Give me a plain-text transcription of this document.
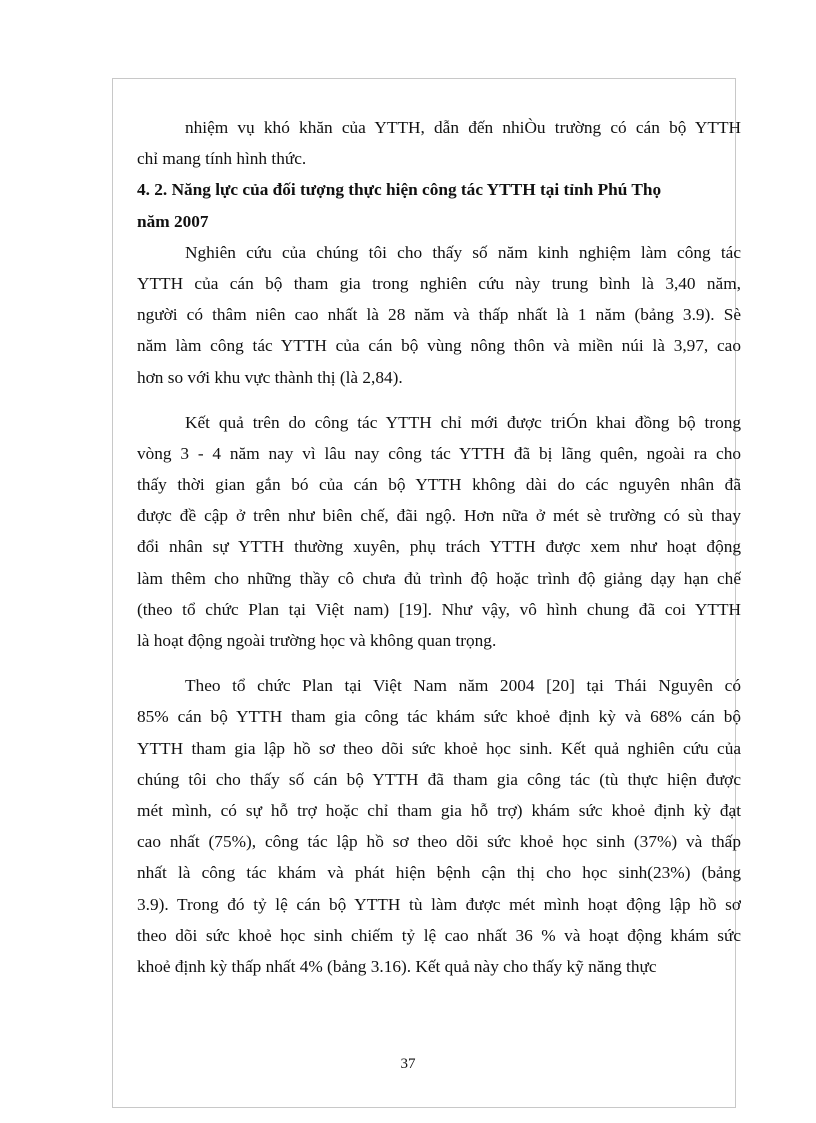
nhiệm vụ khó khăn của YTTH, dẫn đến nhiÒu trường có cán bộ YTTH
chỉ mang tính hình thức.
4. 2. Năng lực của đối tượng thực hiện công tác YTTH tại tỉnh Phú Thọ
năm 2007
Nghiên cứu của chúng tôi cho thấy số năm kinh nghiệm làm công tác
YTTH của cán bộ tham gia trong nghiên cứu này trung bình là 3,40 năm,
người có thâm niên cao nhất là 28 năm và thấp nhất là 1 năm (bảng 3.9). Sè
năm làm công tác YTTH của cán bộ vùng nông thôn và miền núi là 3,97, cao
hơn so với khu vực thành thị (là 2,84).
Kết quả trên do công tác YTTH chỉ mới được triÓn khai đồng bộ trong
vòng 3 - 4 năm nay vì lâu nay công tác YTTH đã bị lãng quên, ngoài ra cho
thấy thời gian gắn bó của cán bộ YTTH không dài do các nguyên nhân đã
được đề cập ở trên như biên chế, đãi ngộ. Hơn nữa ở mét sè trường có sù thay
đổi nhân sự YTTH thường xuyên, phụ trách YTTH được xem như hoạt động
làm thêm cho những thầy cô chưa đủ trình độ hoặc trình độ giảng dạy hạn chế
(theo tổ chức Plan tại Việt nam) [19]. Như vậy, vô hình chung đã coi YTTH
là hoạt động ngoài trường học và không quan trọng.
Theo tổ chức Plan tại Việt Nam năm 2004 [20] tại Thái Nguyên có
85% cán bộ YTTH tham gia công tác khám sức khoẻ định kỳ và 68% cán bộ
YTTH tham gia lập hồ sơ theo dõi sức khoẻ học sinh. Kết quả nghiên cứu của
chúng tôi cho thấy số cán bộ YTTH đã tham gia công tác (tù thực hiện được
mét mình, có sự hỗ trợ hoặc chỉ tham gia hỗ trợ) khám sức khoẻ định kỳ đạt
cao nhất (75%), công tác lập hồ sơ theo dõi sức khoẻ học sinh (37%) và thấp
nhất là công tác khám và phát hiện bệnh cận thị cho học sinh(23%) (bảng
3.9). Trong đó tỷ lệ cán bộ YTTH tù làm được mét mình hoạt động lập hồ sơ
theo dõi sức khoẻ học sinh chiếm tỷ lệ cao nhất 36 % và hoạt động khám sức
khoẻ định kỳ thấp nhất 4% (bảng 3.16). Kết quả này cho thấy kỹ năng thực
37
